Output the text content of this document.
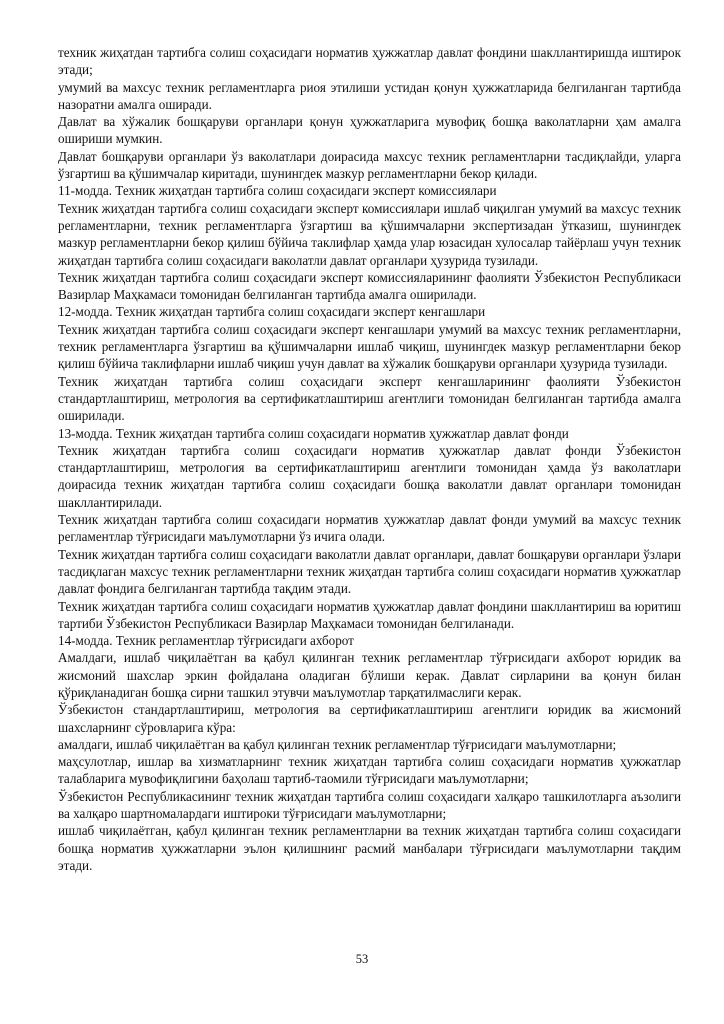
техник жиҳатдан тартибга солиш соҳасидаги норматив ҳужжатлар давлат фондини шакллантиришда иштирок этади;

умумий ва махсус техник регламентларга риоя этилиши устидан қонун ҳужжатларида белгиланган тартибда назоратни амалга оширади.

Давлат ва хўжалик бошқаруви органлари қонун ҳужжатларига мувофиқ бошқа ваколатларни ҳам амалга ошириши мумкин.

Давлат бошқаруви органлари ўз ваколатлари доирасида махсус техник регламентларни тасдиқлайди, уларга ўзгартиш ва қўшимчалар киритади, шунингдек мазкур регламентларни бекор қилади.

11-модда. Техник жиҳатдан тартибга солиш соҳасидаги эксперт комиссиялари

Техник жиҳатдан тартибга солиш соҳасидаги эксперт комиссиялари ишлаб чиқилган умумий ва махсус техник регламентларни, техник регламентларга ўзгартиш ва қўшимчаларни экспертизадан ўтказиш, шунингдек мазкур регламентларни бекор қилиш бўйича таклифлар ҳамда улар юзасидан хулосалар тайёрлаш учун техник жиҳатдан тартибга солиш соҳасидаги ваколатли давлат органлари ҳузурида тузилади.

Техник жиҳатдан тартибга солиш соҳасидаги эксперт комиссияларининг фаолияти Ўзбекистон Республикаси Вазирлар Маҳкамаси томонидан белгиланган тартибда амалга оширилади.

12-модда. Техник жиҳатдан тартибга солиш соҳасидаги эксперт кенгашлари

Техник жиҳатдан тартибга солиш соҳасидаги эксперт кенгашлари умумий ва махсус техник регламентларни, техник регламентларга ўзгартиш ва қўшимчаларни ишлаб чиқиш, шунингдек мазкур регламентларни бекор қилиш бўйича таклифларни ишлаб чиқиш учун давлат ва хўжалик бошқаруви органлари ҳузурида тузилади.

Техник жиҳатдан тартибга солиш соҳасидаги эксперт кенгашларининг фаолияти Ўзбекистон стандартлаштириш, метрология ва сертификатлаштириш агентлиги томонидан белгиланган тартибда амалга оширилади.

13-модда. Техник жиҳатдан тартибга солиш соҳасидаги норматив ҳужжатлар давлат фонди

Техник жиҳатдан тартибга солиш соҳасидаги норматив ҳужжатлар давлат фонди Ўзбекистон стандартлаштириш, метрология ва сертификатлаштириш агентлиги томонидан ҳамда ўз ваколатлари доирасида техник жиҳатдан тартибга солиш соҳасидаги бошқа ваколатли давлат органлари томонидан шакллантирилади.

Техник жиҳатдан тартибга солиш соҳасидаги норматив ҳужжатлар давлат фонди умумий ва махсус техник регламентлар тўғрисидаги маълумотларни ўз ичига олади.

Техник жиҳатдан тартибга солиш соҳасидаги ваколатли давлат органлари, давлат бошқаруви органлари ўзлари тасдиқлаган махсус техник регламентларни техник жиҳатдан тартибга солиш соҳасидаги норматив ҳужжатлар давлат фондига белгиланган тартибда тақдим этади.

Техник жиҳатдан тартибга солиш соҳасидаги норматив ҳужжатлар давлат фондини шакллантириш ва юритиш тартиби Ўзбекистон Республикаси Вазирлар Маҳкамаси томонидан белгиланади.

14-модда. Техник регламентлар тўғрисидаги ахборот

Амалдаги, ишлаб чиқилаётган ва қабул қилинган техник регламентлар тўғрисидаги ахборот юридик ва жисмоний шахслар эркин фойдалана оладиган бўлиши керак. Давлат сирларини ва қонун билан қўриқланадиган бошқа сирни ташкил этувчи маълумотлар тарқатилмаслиги керак.

Ўзбекистон стандартлаштириш, метрология ва сертификатлаштириш агентлиги юридик ва жисмоний шахсларнинг сўровларига кўра:

амалдаги, ишлаб чиқилаётган ва қабул қилинган техник регламентлар тўғрисидаги маълумотларни;

маҳсулотлар, ишлар ва хизматларнинг техник жиҳатдан тартибга солиш соҳасидаги норматив ҳужжатлар талабларига мувофиқлигини баҳолаш тартиб-таомили тўғрисидаги маълумотларни;

Ўзбекистон Республикасининг техник жиҳатдан тартибга солиш соҳасидаги халқаро ташкилотларга аъзолиги ва халқаро шартномалардаги иштироки тўғрисидаги маълумотларни;

ишлаб чиқилаётган, қабул қилинган техник регламентларни ва техник жиҳатдан тартибга солиш соҳасидаги бошқа норматив ҳужжатларни эълон қилишнинг расмий манбалари тўғрисидаги маълумотларни тақдим этади.

53
